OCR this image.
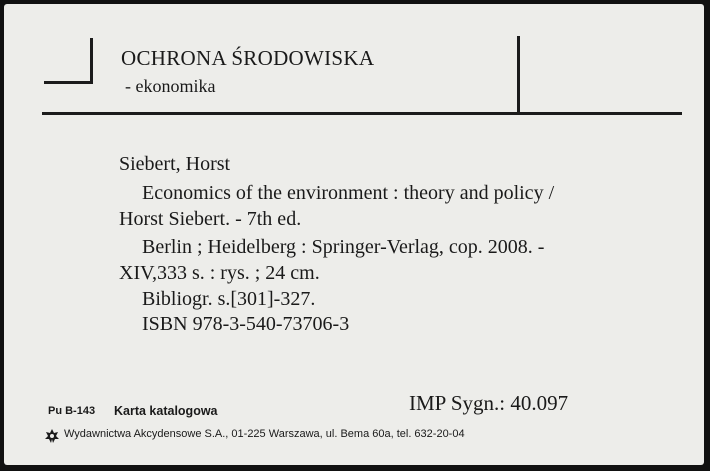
OCHRONA ŚRODOWISKA
- ekonomika
Siebert, Horst
Economics of the environment : theory and policy /
Horst Siebert. - 7th ed.
Berlin ; Heidelberg : Springer-Verlag, cop. 2008. -
XIV,333 s. : rys. ; 24 cm.
Bibliogr. s.[301]-327.
ISBN 978-3-540-73706-3
Pu B-143 Karta katalogowa	IMP Sygn.: 40.097
Wydawnictwa Akcydensowe S.A., 01-225 Warszawa, ul. Bema 60a, tel. 632-20-04
